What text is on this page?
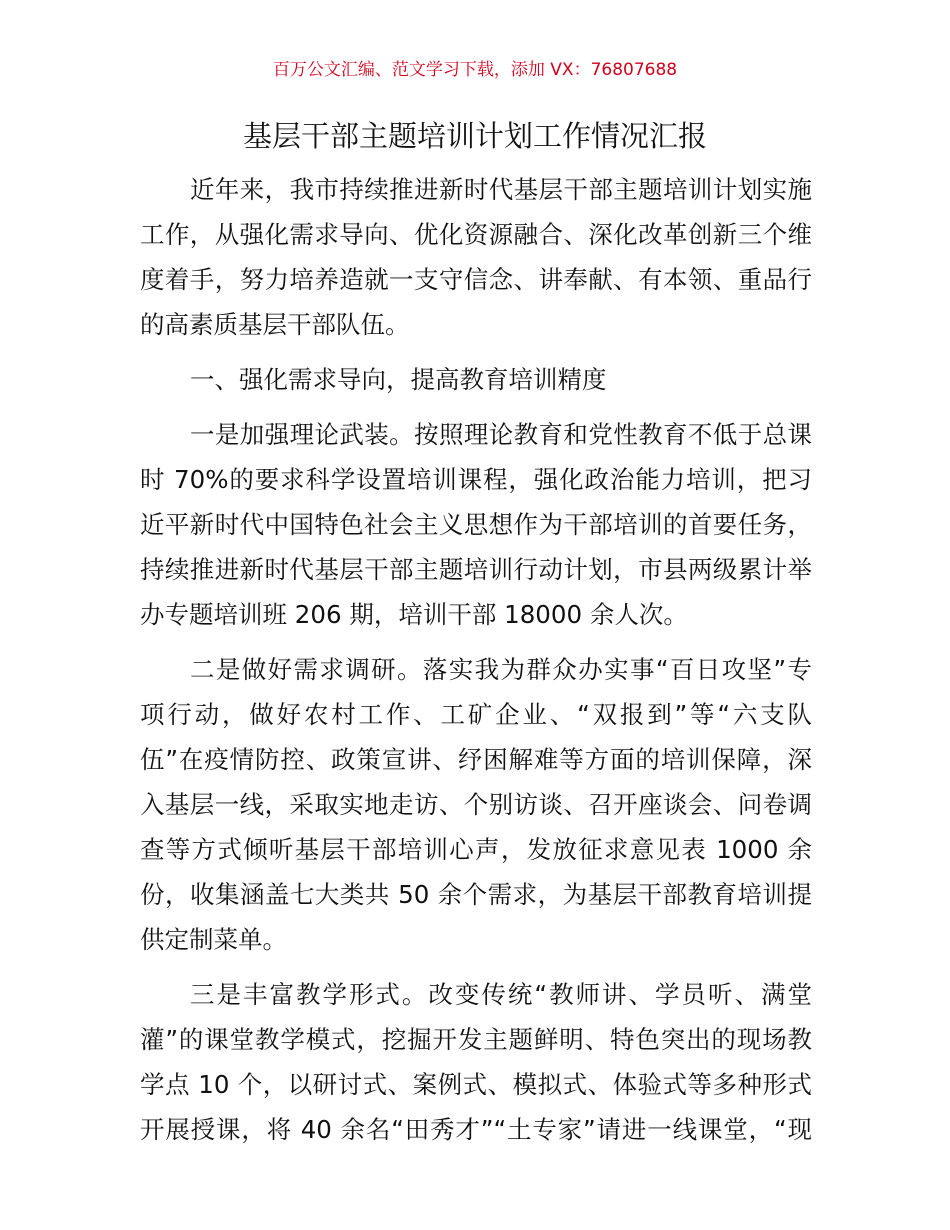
百万公文汇编、范文学习下载，添加 VX：76807688
基层干部主题培训计划工作情况汇报
近年来，我市持续推进新时代基层干部主题培训计划实施
工作，从强化需求导向、优化资源融合、深化改革创新三个维
度着手，努力培养造就一支守信念、讲奉献、有本领、重品行
的高素质基层干部队伍。
一、强化需求导向，提高教育培训精度
一是加强理论武装。按照理论教育和党性教育不低于总课
时 70%的要求科学设置培训课程，强化政治能力培训，把习
近平新时代中国特色社会主义思想作为干部培训的首要任务，
持续推进新时代基层干部主题培训行动计划，市县两级累计举
办专题培训班 206 期，培训干部 18000 余人次。
二是做好需求调研。落实我为群众办实事“百日攻坚”专
项行动，做好农村工作、工矿企业、“双报到”等“六支队
伍”在疫情防控、政策宣讲、纾困解难等方面的培训保障，深
入基层一线，采取实地走访、个别访谈、召开座谈会、问卷调
查等方式倾听基层干部培训心声，发放征求意见表 1000 余
份，收集涵盖七大类共 50 余个需求，为基层干部教育培训提
供定制菜单。
三是丰富教学形式。改变传统“教师讲、学员听、满堂
灌”的课堂教学模式，挖掘开发主题鲜明、特色突出的现场教
学点 10 个，以研讨式、案例式、模拟式、体验式等多种形式
开展授课，将 40 余名“田秀才”“土专家”请进一线课堂，“现
